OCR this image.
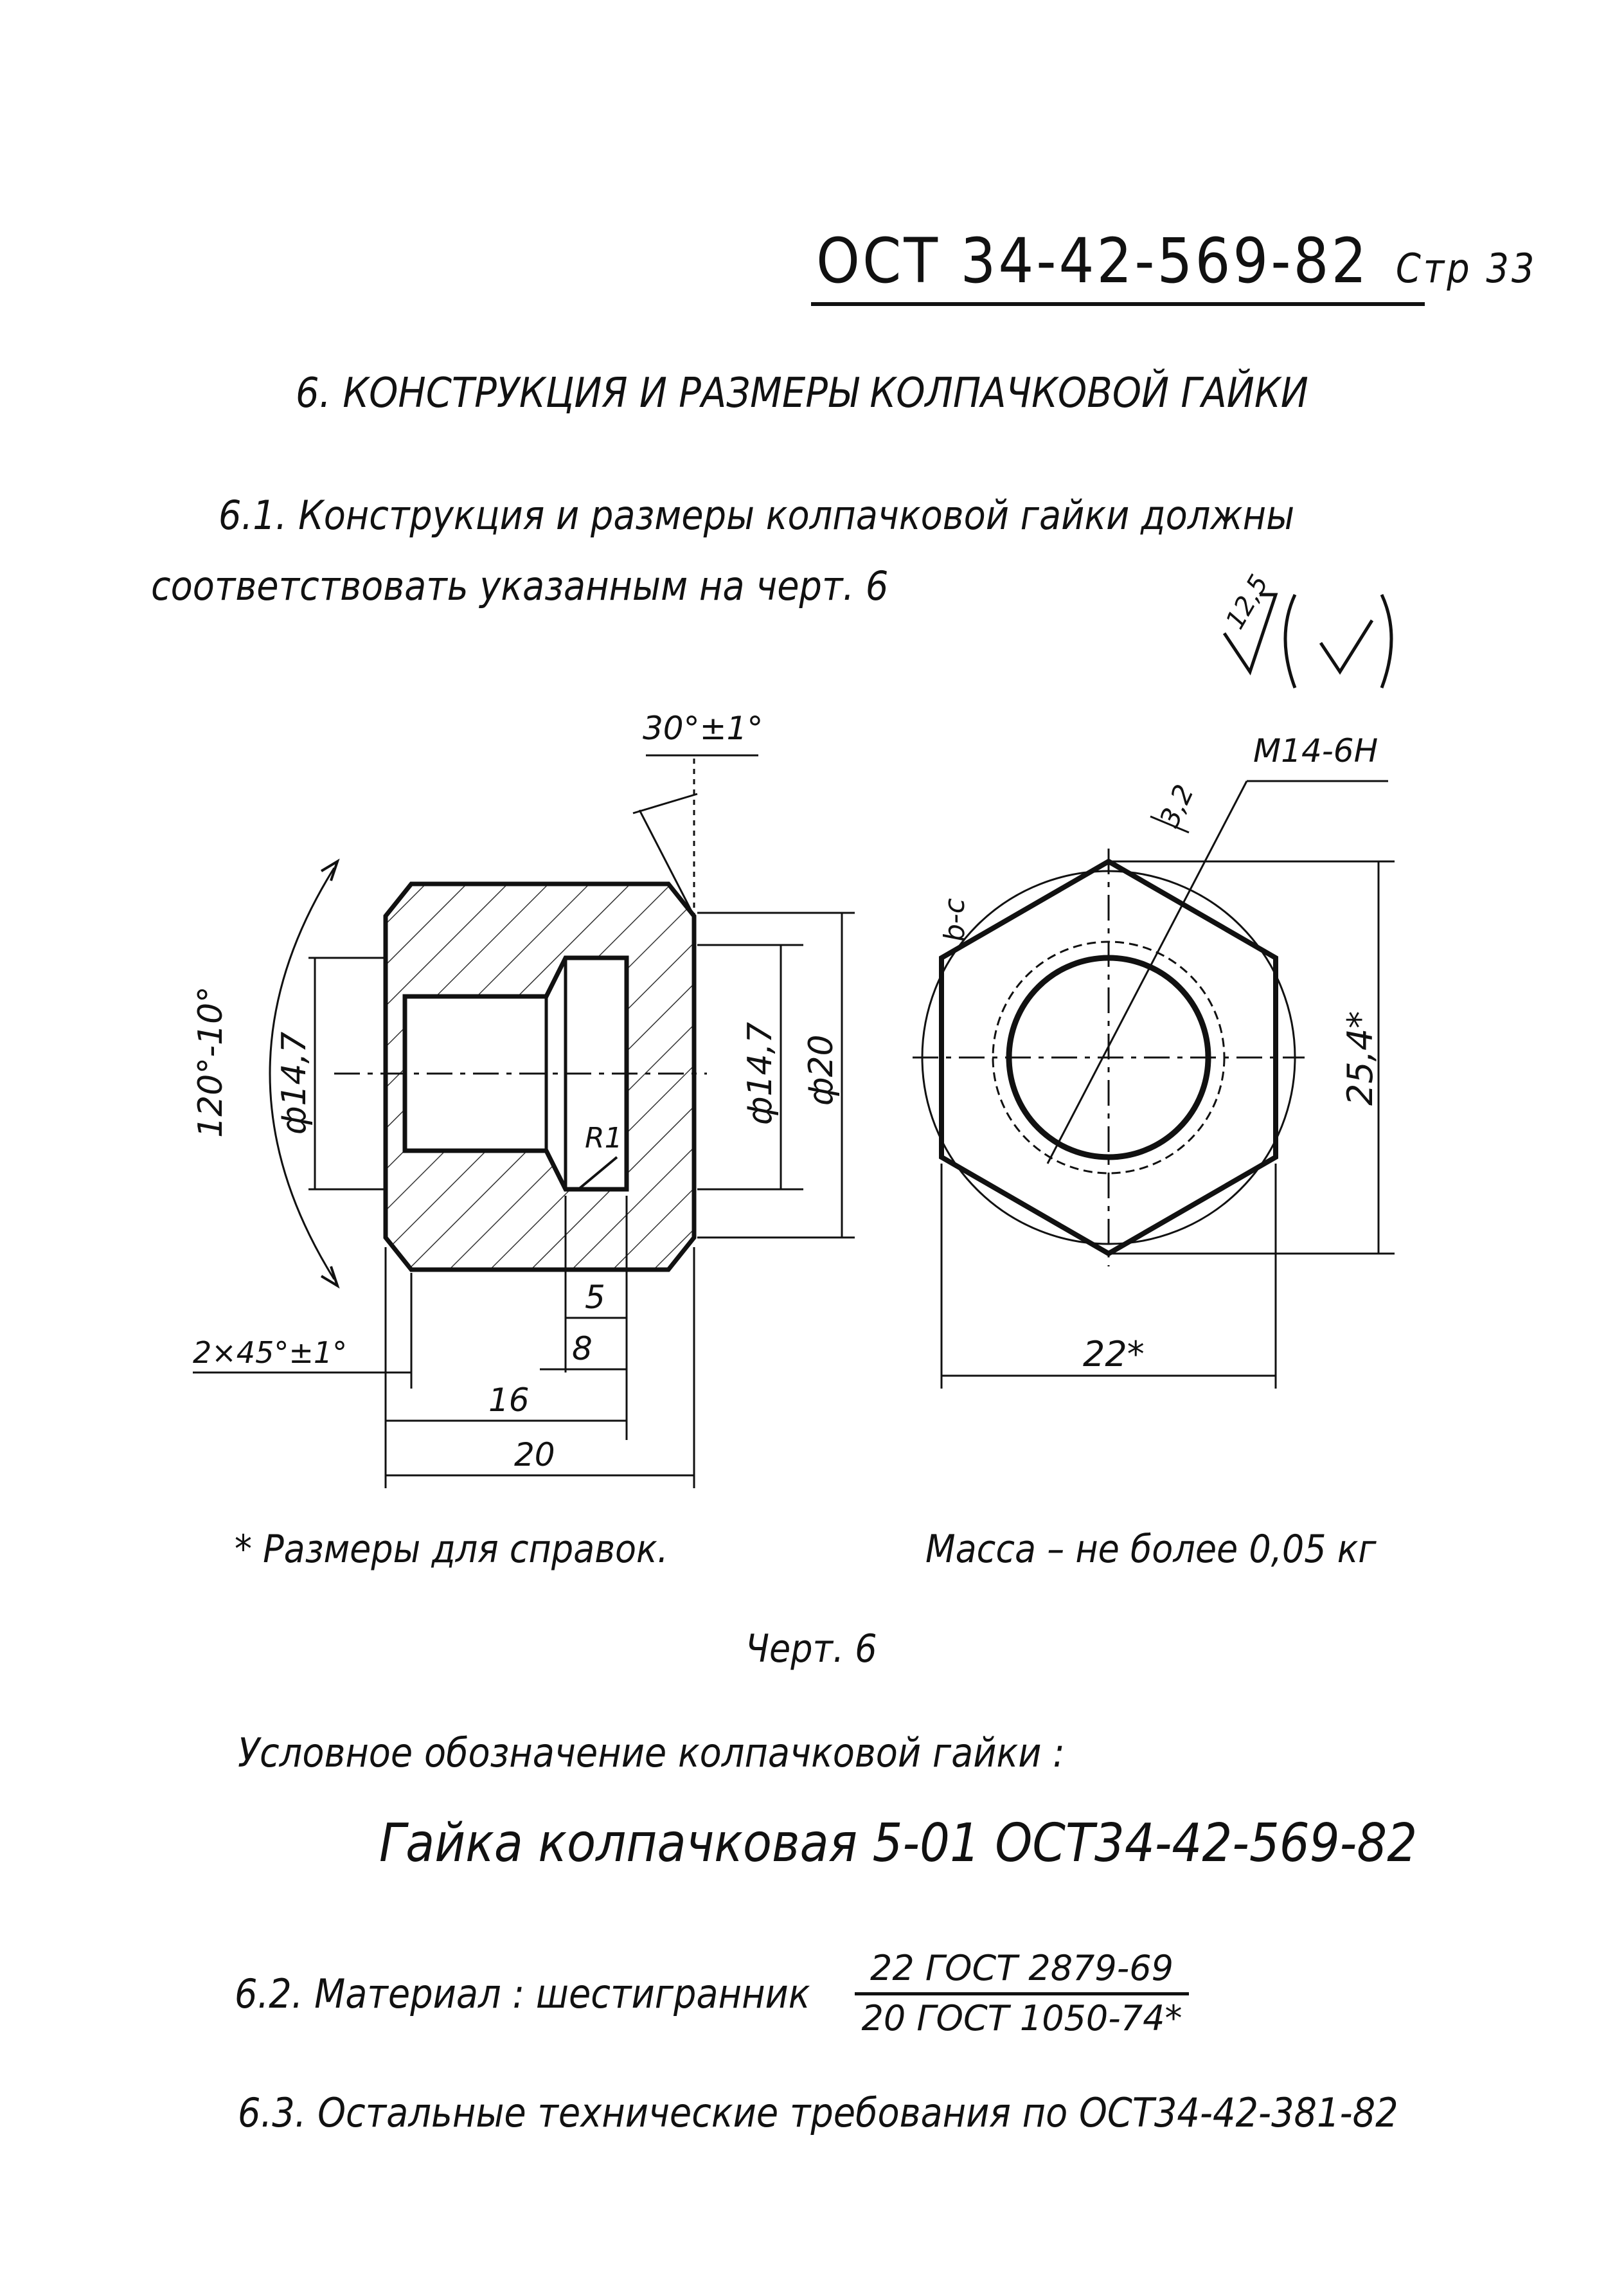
ОСТ 34-42-569-82 Стр 33
6. КОНСТРУКЦИЯ И РАЗМЕРЫ КОЛПАЧКОВОЙ ГАЙКИ
6.1. Конструкция и размеры колпачковой гайки должны
соответствовать указанным на черт. 6	12,5
30°±1°
120°-10° ф14,7	ф14,7 ф20
R1
5
8
16
20
2×45°±1°
M14-6H
3,2
b-c
25,4*
22*
* Размеры для справок.	Масса – не более 0,05 кг
Черт. 6
Условное обозначение колпачковой гайки :
Гайка колпачковая 5-01 ОСТ34-42-569-82
6.2. Материал : шестигранник
22 ГОСТ 2879-69
20 ГОСТ 1050-74*
6.3. Остальные технические требования по ОСТ34-42-381-82
